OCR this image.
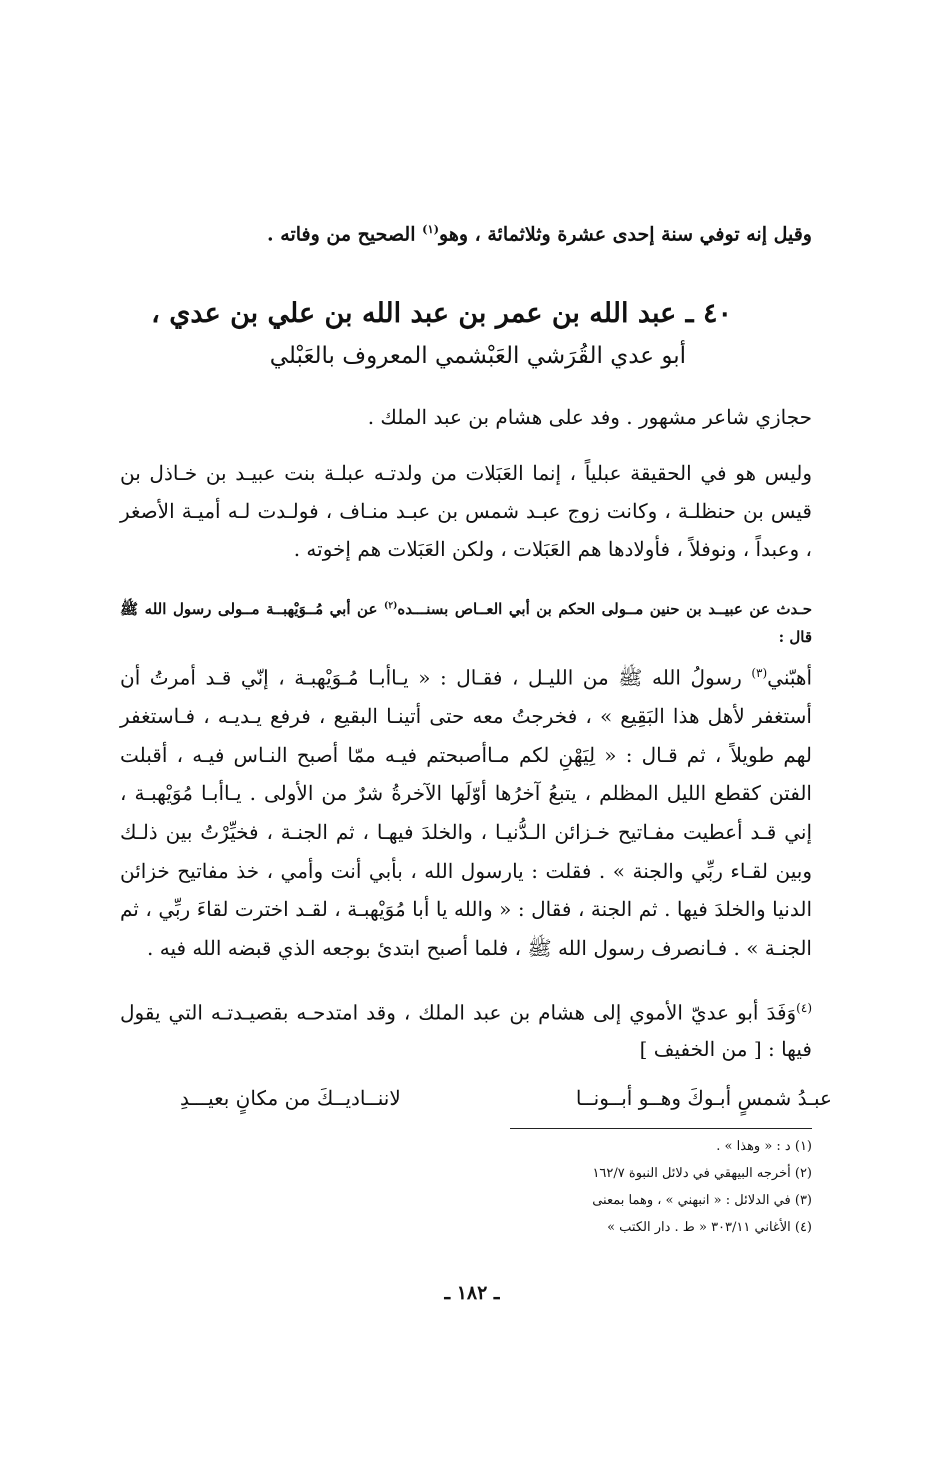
وقيل إنه توفي سنة إحدى عشرة وثلاثمائة ، وهو$^{(١)}$ الصحيح من وفاته .
٤٠ ـ عبد الله بن عمر بن عبد الله بن علي بن عدي ،
أبو عدي القُرَشي العَبْشمي المعروف بالعَبْلي
حجازي شاعر مشهور . وفد على هشام بن عبد الملك .
وليس هو في الحقيقة عبلياً ، إنما العَبَلات من ولدتـه عبلـة بنت عبيـد بن خـاذل بن قيس بن حنظلـة ، وكانت زوج عبـد شمس بن عبـد منـاف ، فولـدت لـه أميـة الأصغر ، وعبداً ، ونوفلاً ، فأولادها هم العَبَلات ، ولكن العَبَلات هم إخوته .
حـدث عن عبيــد بن حنين مــولى الحكم بن أبي العــاص بسنـــده$^{(٢)}$ عن أبي مُــوَيْهبــة مــولى رسول الله ﷺ قال :
أهبّني$^{(٣)}$ رسولُ الله ﷺ من الليـل ، فقـال : « يـاأبـا مُـوَيْهبـة ، إنّي قـد أمرتُ أن أستغفر لأهل هذا البَقِيع » ، فخرجتُ معه حتى أتينـا البقيع ، فرفع يـديـه ، فـاستغفر لهم طويلاً ، ثم قـال : « لِيَهْنِ لكم مـاأصبحتم فيـه ممّا أصبح النـاس فيـه ، أقبلت الفتن كقطع الليل المظلم ، يتبعُ آخرُها أوّلَها الآخرةُ شرٌ من الأولى . يـاأبـا مُوَيْهبـة ، إني قـد أعطيت مفـاتيح خـزائن الـدُّنيـا ، والخلدَ فيهـا ، ثم الجنـة ، فخيِّرْتُ بين ذلـك وبين لقـاء ربِّي والجنة » . فقلت : يارسول الله ، بأبي أنت وأمي ، خذ مفاتيح خزائن الدنيا والخلدَ فيها . ثم الجنة ، فقال : « والله يا أبا مُوَيْهبـة ، لقـد اخترت لقاءَ ربِّي ، ثم الجنـة » . فـانصرف رسول الله ﷺ ، فلما أصبح ابتدئ بوجعه الذي قبضه الله فيه .
$^{(٤)}$وَفَدَ أبو عديّ الأموي إلى هشام بن عبد الملك ، وقد امتدحـه بقصيـدتـه التي يقول فيها : [ من الخفيف ]
عبـدُ شمسٍ أبـوكَ وهــو أبــونــا
لاننــاديــكَ من مكانٍ بعيـــدِ
(١) د : « وهذا » .
(٢) أخرجه البيهقي في دلائل النبوة ١٦٢/٧
(٣) في الدلائل : « انبهني » ، وهما بمعنى
(٤) الأغاني ٣٠٣/١١ « ط . دار الكتب »
ـ ١٨٢ ـ
